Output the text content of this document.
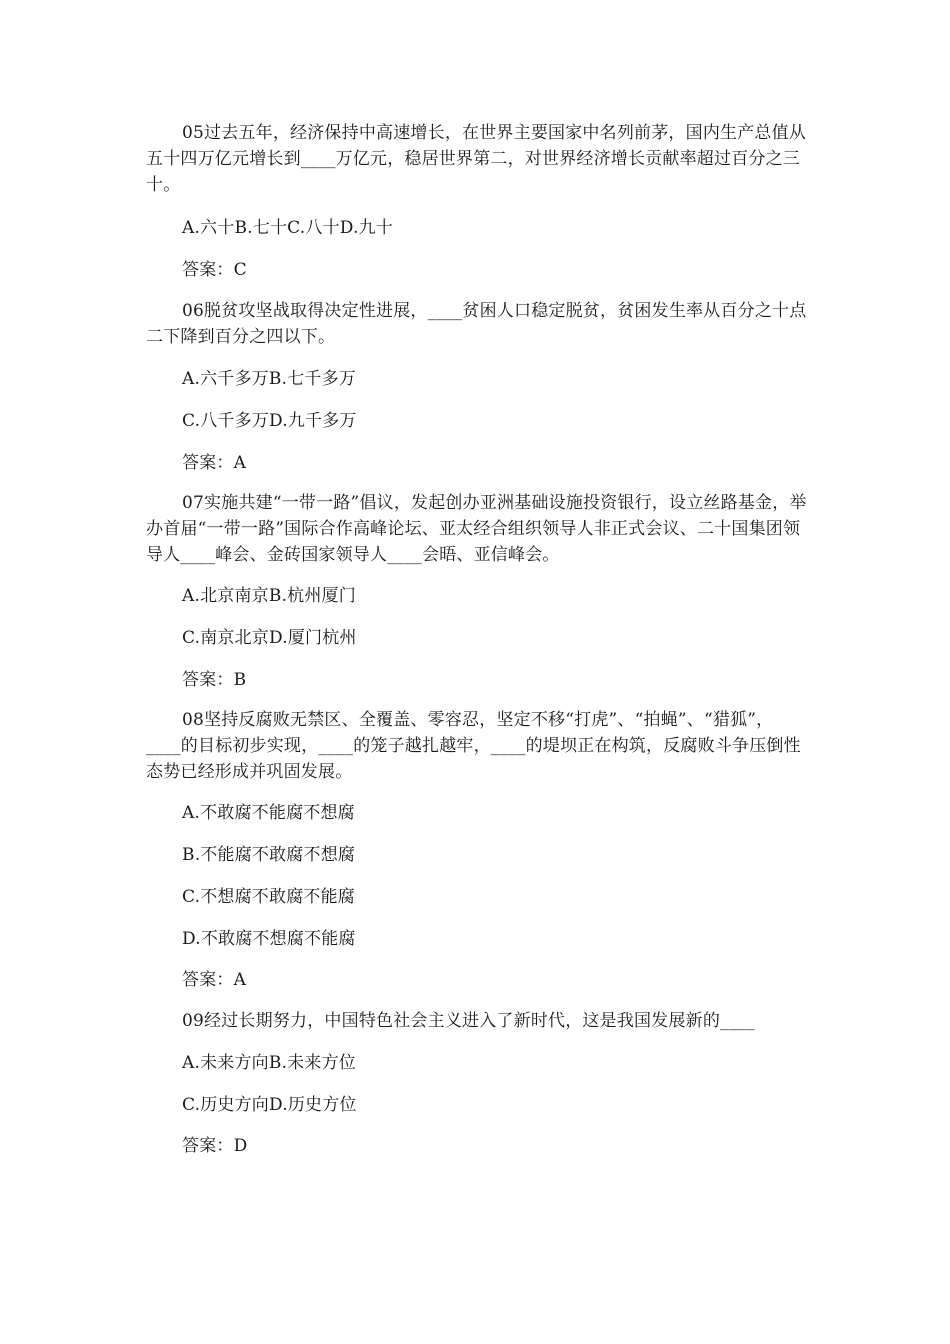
05过去五年，经济保持中高速增长，在世界主要国家中名列前茅，国内生产总值从五十四万亿元增长到____万亿元，稳居世界第二，对世界经济增长贡献率超过百分之三十。

A.六十B.七十C.八十D.九十

答案：C

06脱贫攻坚战取得决定性进展，____贫困人口稳定脱贫，贫困发生率从百分之十点二下降到百分之四以下。

A.六千多万B.七千多万

C.八千多万D.九千多万

答案：A

07实施共建“一带一路”倡议，发起创办亚洲基础设施投资银行，设立丝路基金，举办首届“一带一路”国际合作高峰论坛、亚太经合组织领导人非正式会议、二十国集团领导人____峰会、金砖国家领导人____会晤、亚信峰会。

A.北京南京B.杭州厦门

C.南京北京D.厦门杭州

答案：B

08坚持反腐败无禁区、全覆盖、零容忍，坚定不移“打虎”、“拍蝇”、“猎狐”，____的目标初步实现，____的笼子越扎越牢，____的堤坝正在构筑，反腐败斗争压倒性态势已经形成并巩固发展。

A.不敢腐不能腐不想腐

B.不能腐不敢腐不想腐

C.不想腐不敢腐不能腐

D.不敢腐不想腐不能腐

答案：A

09经过长期努力，中国特色社会主义进入了新时代，这是我国发展新的____

A.未来方向B.未来方位

C.历史方向D.历史方位

答案：D
